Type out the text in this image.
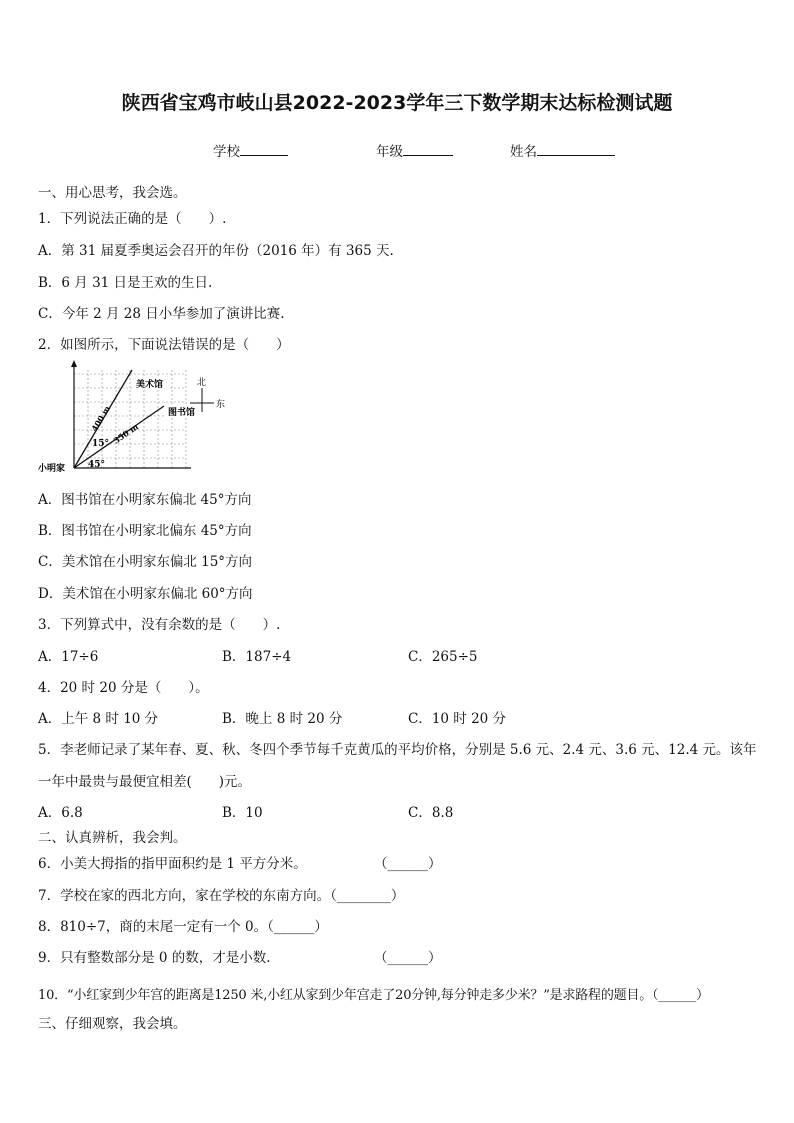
陕西省宝鸡市岐山县2022-2023学年三下数学期末达标检测试题
学校	年级	姓名
一、用心思考，我会选。
1．下列说法正确的是（　　）.
A．第 31 届夏季奥运会召开的年份（2016 年）有 365 天.
B．6 月 31 日是王欢的生日.
C．今年 2 月 28 日小华参加了演讲比赛.
2．如图所示，下面说法错误的是（　　）
美术馆
图书馆
400 m
350 m
15°
45°
小明家
北
东
A．图书馆在小明家东偏北 45°方向
B．图书馆在小明家北偏东 45°方向
C．美术馆在小明家东偏北 15°方向
D．美术馆在小明家东偏北 60°方向
3．下列算式中，没有余数的是（　　）.
A．17÷6	B．187÷4	C．265÷5
4．20 时 20 分是（　　）。
A．上午 8 时 10 分	B．晚上 8 时 20 分	C．10 时 20 分
5．李老师记录了某年春、夏、秋、冬四个季节每千克黄瓜的平均价格，分别是 5.6 元、2.4 元、3.6 元、12.4 元。该年
一年中最贵与最便宜相差(　　)元。
A．6.8	B．10	C．8.8
二、认真辨析，我会判。
6．小美大拇指的指甲面积约是 1 平方分米。	（______）
7．学校在家的西北方向，家在学校的东南方向。（________）
8．810÷7，商的末尾一定有一个 0。（______）
9．只有整数部分是 0 的数，才是小数.	（______）
10．“小红家到少年宫的距离是1250 米,小红从家到少年宫走了20分钟,每分钟走多少米？”是求路程的题目。（______）
三、仔细观察，我会填。
